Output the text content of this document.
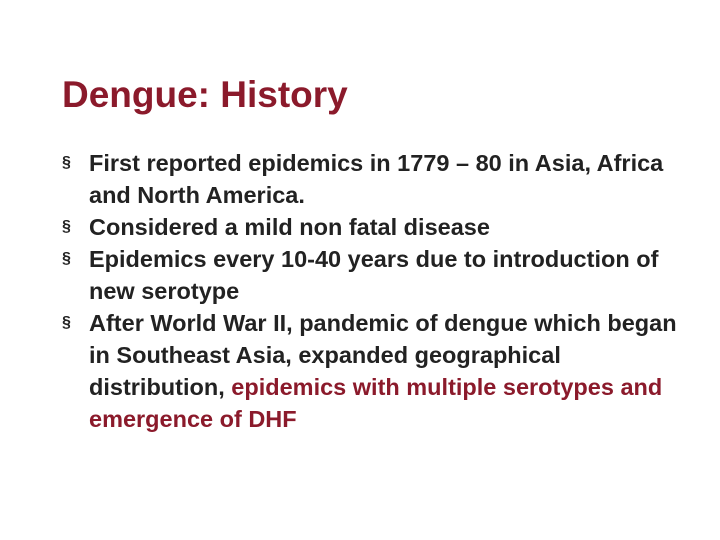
Dengue: History
§ First reported epidemics in 1779 – 80 in Asia, Africa and North America.
§ Considered a mild non fatal disease
§ Epidemics every 10-40 years due to introduction of new serotype
§ After World War II, pandemic of dengue which began in Southeast Asia, expanded geographical distribution, epidemics with multiple serotypes and emergence of DHF
